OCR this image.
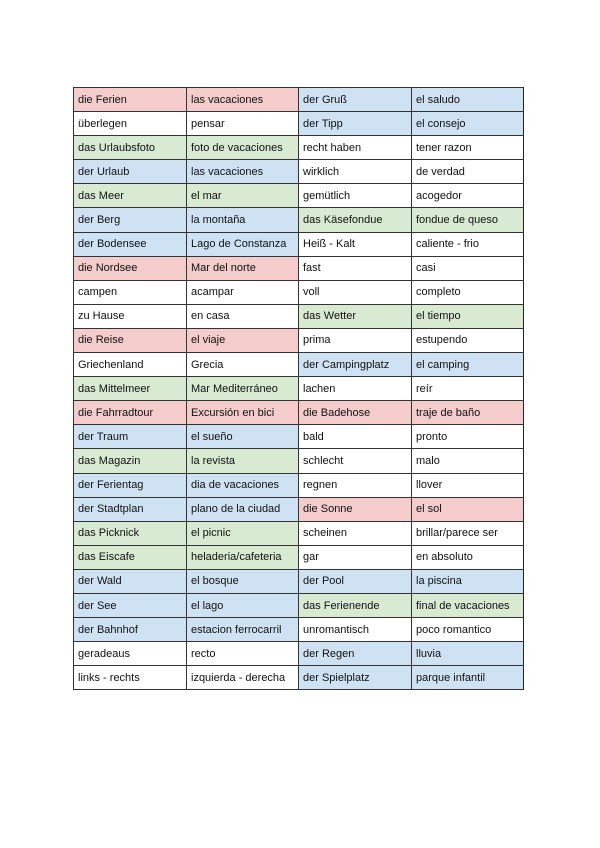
die Ferien	las vacaciones	der Gruß	el saludo
überlegen	pensar	der Tipp	el consejo
das Urlaubsfoto	foto de vacaciones	recht haben	tener razon
der Urlaub	las vacaciones	wirklich	de verdad
das Meer	el mar	gemütlich	acogedor
der Berg	la montaña	das Käsefondue	fondue de queso
der Bodensee	Lago de Constanza	Heiß - Kalt	caliente - frio
die Nordsee	Mar del norte	fast	casi
campen	acampar	voll	completo
zu Hause	en casa	das Wetter	el tiempo
die Reise	el viaje	prima	estupendo
Griechenland	Grecia	der Campingplatz	el camping
das Mittelmeer	Mar Mediterráneo	lachen	reír
die Fahrradtour	Excursión en bici	die Badehose	traje de baño
der Traum	el sueño	bald	pronto
das Magazin	la revista	schlecht	malo
der Ferientag	dia de vacaciones	regnen	llover
der Stadtplan	plano de la ciudad	die Sonne	el sol
das Picknick	el picnic	scheinen	brillar/parece ser
das Eiscafe	heladeria/cafeteria	gar	en absoluto
der Wald	el bosque	der Pool	la piscina
der See	el lago	das Ferienende	final de vacaciones
der Bahnhof	estacion ferrocarril	unromantisch	poco romantico
geradeaus	recto	der Regen	lluvia
links - rechts	izquierda - derecha	der Spielplatz	parque infantil
